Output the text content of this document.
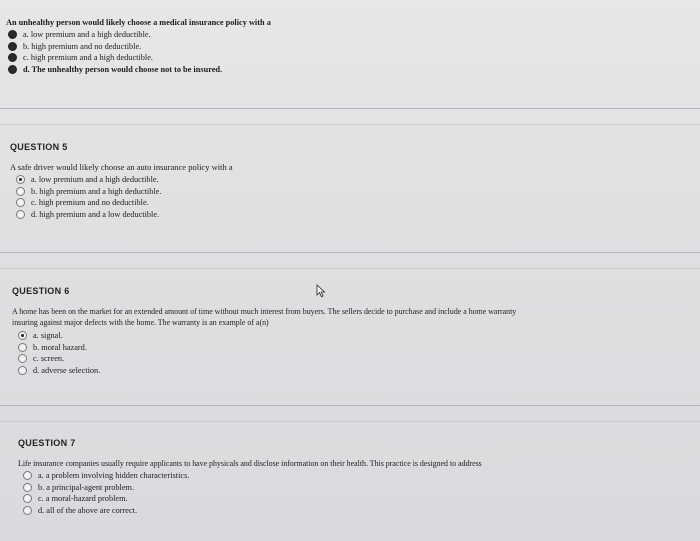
An unhealthy person would likely choose a medical insurance policy with a
a. low premium and a high deductible.
b. high premium and no deductible.
c. high premium and a high deductible.
d. The unhealthy person would choose not to be insured.
QUESTION 5
A safe driver would likely choose an auto insurance policy with a
a. low premium and a high deductible.
b. high premium and a high deductible.
c. high premium and no deductible.
d. high premium and a low deductible.
QUESTION 6
A home has been on the market for an extended amount of time without much interest from buyers. The sellers decide to purchase and include a home warranty
insuring against major defects with the home. The warranty is an example of a(n)
a. signal.
b. moral hazard.
c. screen.
d. adverse selection.
QUESTION 7
Life insurance companies usually require applicants to have physicals and disclose information on their health. This practice is designed to address
a. a problem involving hidden characteristics.
b. a principal-agent problem.
c. a moral-hazard problem.
d. all of the above are correct.
